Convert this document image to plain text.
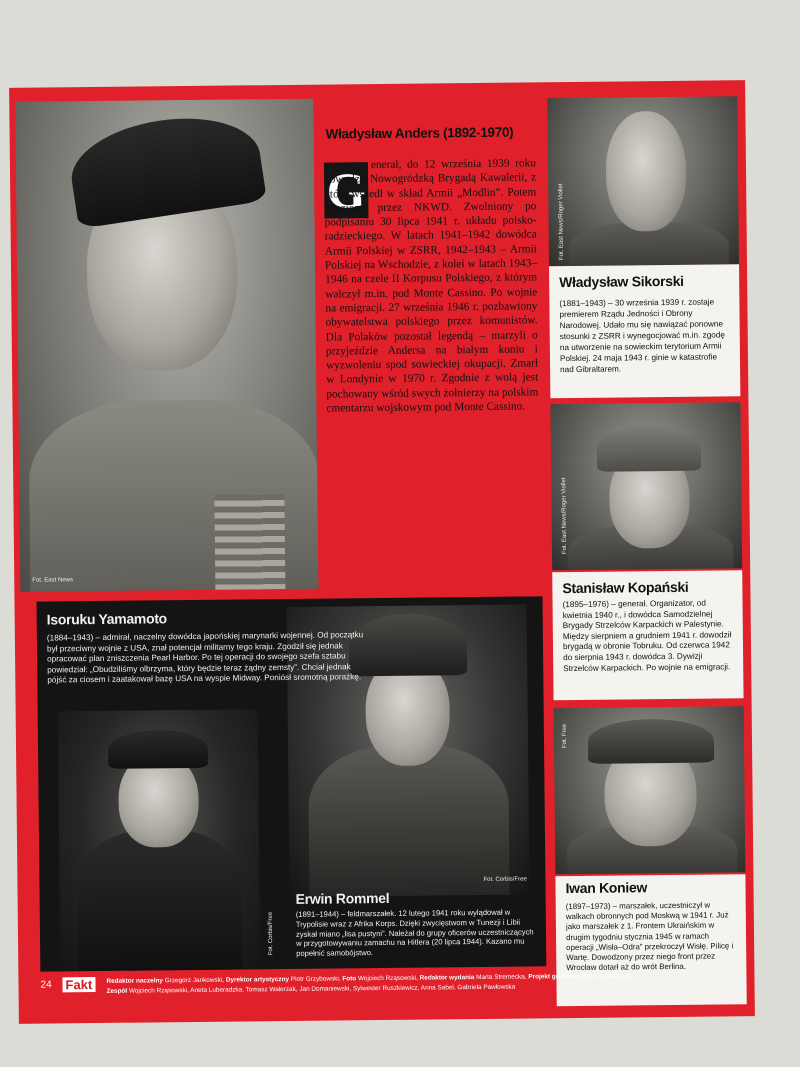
Fot. East News
Władysław Anders (1892-1970)
G enerał, do 12 września 1939 roku dowodził Nowogródzką Brygadą Kawalerii, z którą wszedł w skład Armii „Modlin”. Potem więziony przez NKWD. Zwolniony po podpisaniu 30 lipca 1941 r. układu polsko-radzieckiego. W latach 1941–1942 dowódca Armii Polskiej w ZSRR, 1942–1943 – Armii Polskiej na Wschodzie, z kolei w latach 1943–1946 na czele II Korpusu Polskiego, z którym walczył m.in. pod Monte Cassino. Po wojnie na emigracji. 27 września 1946 r. pozbawiony obywatelstwa polskiego przez komunistów. Dla Polaków pozostał legendą – marzyli o przyjeździe Andersa na białym koniu i wyzwoleniu spod sowieckiej okupacji. Zmarł w Londynie w 1970 r. Zgodnie z wolą jest pochowany wśród swych żołnierzy na polskim cmentarzu wojskowym pod Monte Cassino.
Fot. East News/Roger Viollet
Władysław Sikorski
(1881–1943) – 30 września 1939 r. zostaje premierem Rządu Jedności i Obrony Narodowej. Udało mu się nawiązać ponowne stosunki z ZSRR i wynegocjować m.in. zgodę na utworzenie na sowieckim terytorium Armii Polskiej. 24 maja 1943 r. ginie w katastrofie nad Gibraltarem.
Fot. East News/Roger Viollet
Stanisław Kopański
(1895–1976) – generał. Organizator, od kwietnia 1940 r., i dowódca Samodzielnej Brygady Strzelców Karpackich w Palestynie. Między sierpniem a grudniem 1941 r. dowodził brygadą w obronie Tobruku. Od czerwca 1942 do sierpnia 1943 r. dowódca 3. Dywizji Strzelców Karpackich. Po wojnie na emigracji.
Fot. Corbis/Free
Fot. Corbis/Free
Isoruku Yamamoto
(1884–1943) – admirał, naczelny dowódca japońskiej marynarki wojennej. Od początku był przeciwny wojnie z USA, znał potencjał militarny tego kraju. Zgodził się jednak opracować plan zniszczenia Pearl Harbor. Po tej operacji do swojego szefa sztabu powiedział: „Obudziliśmy olbrzyma, który będzie teraz żądny zemsty”. Chciał jednak pójść za ciosem i zaatakował bazę USA na wyspie Midway. Poniósł sromotną porażkę.
Erwin Rommel
(1891–1944) – feldmarszałek. 12 lutego 1941 roku wylądował w Trypolisie wraz z Afrika Korps. Dzięki zwycięstwom w Tunezji i Libii zyskał miano „lisa pustyni”. Należał do grupy oficerów uczestniczących w przygotowywaniu zamachu na Hitlera (20 lipca 1944). Kazano mu popełnić samobójstwo.
Fot. Free
Iwan Koniew
(1897–1973) – marszałek, uczestniczył w walkach obronnych pod Moskwą w 1941 r. Już jako marszałek z 1. Frontem Ukraińskim w drugim tygodniu stycznia 1945 w ramach operacji „Wisła–Odra” przekroczył Wisłę. Pilicę i Wartę. Dowodzony przez niego front przez Wrocław dotarł aż do wrót Berlina.
24 Fakt	Redaktor naczelny Grzegorz Jankowski, Dyrektor artystyczny Piotr Grzybowski, Foto Wojciech Rząsowski, Redaktor wydania Marta Stremecka, Projekt graficzny Piotr Grzybowski,
Zespół Wojciech Rząsowski, Aneta Luberadzka, Tomasz Walerzak, Jan Domaniewski, Sylwester Ruszkiewicz, Anna Sabel, Gabriela Pawłowska
